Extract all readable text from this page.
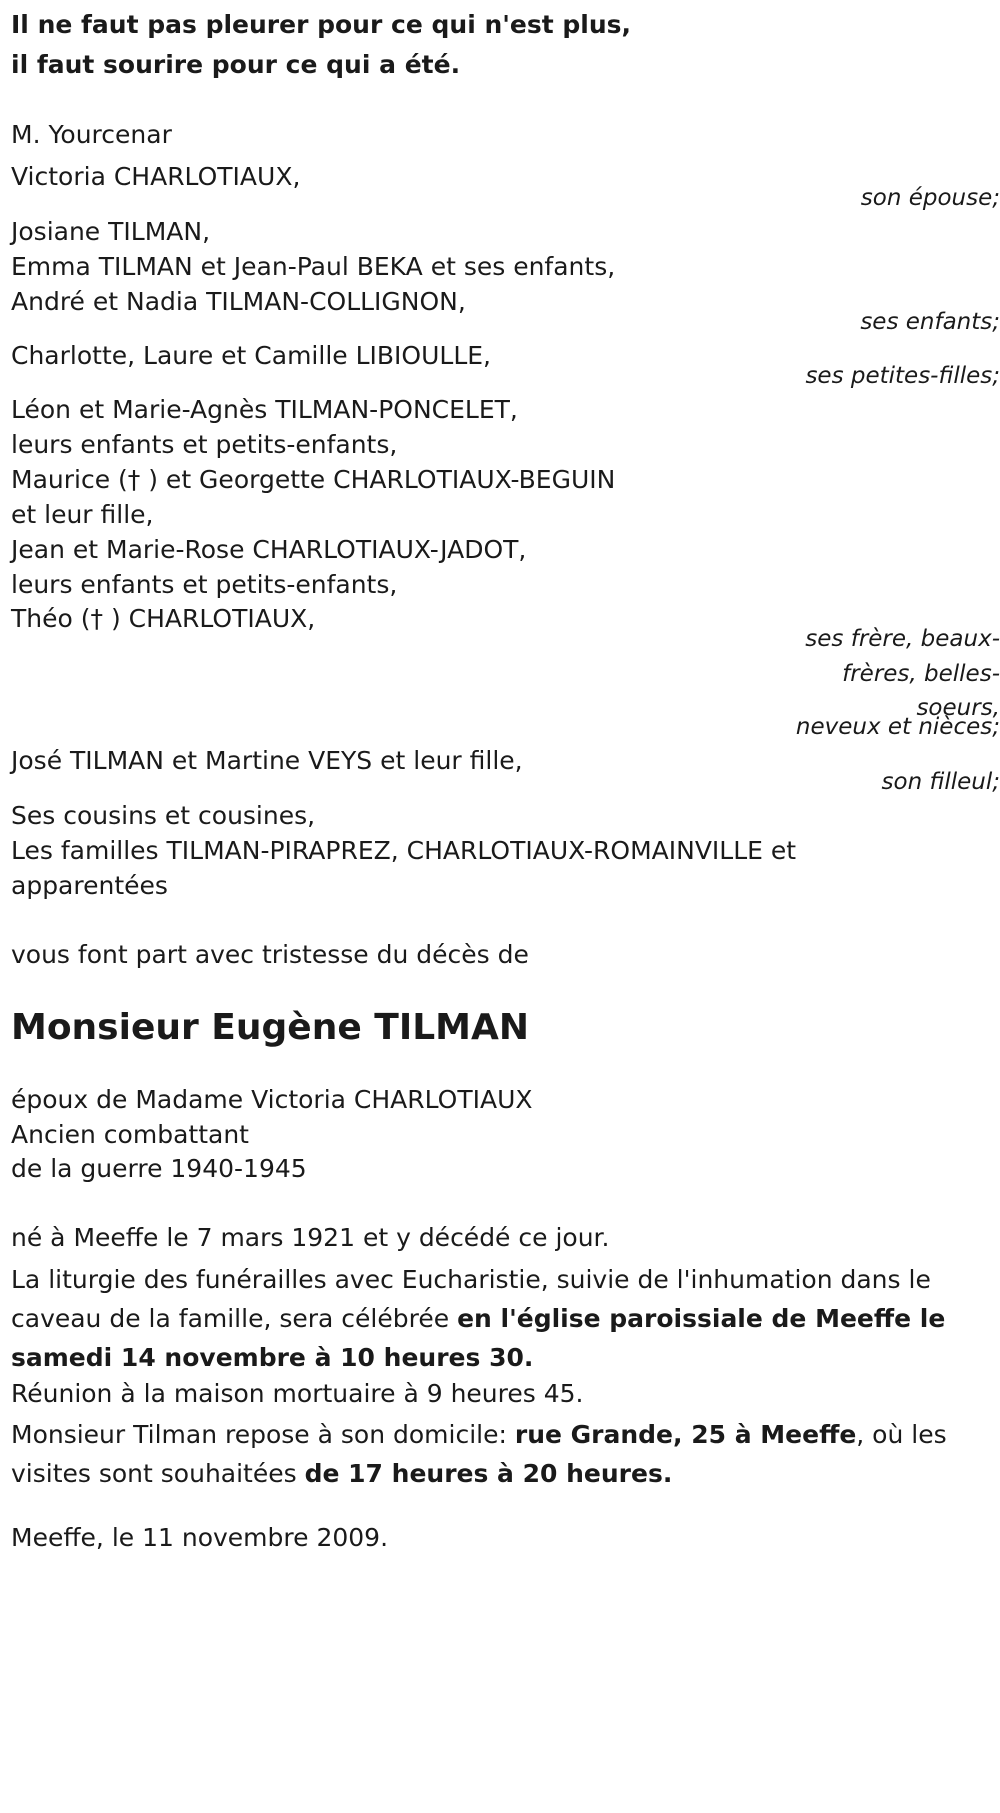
Il ne faut pas pleurer pour ce qui n'est plus,
il faut sourire pour ce qui a été.
M. Yourcenar
Victoria CHARLOTIAUX,
son épouse;
Josiane TILMAN,
Emma TILMAN et Jean-Paul BEKA et ses enfants,
André et Nadia TILMAN-COLLIGNON,
ses enfants;
Charlotte, Laure et Camille LIBIOULLE,
ses petites-filles;
Léon et Marie-Agnès TILMAN-PONCELET,
leurs enfants et petits-enfants,
Maurice († ) et Georgette CHARLOTIAUX-BEGUIN
et leur fille,
Jean et Marie-Rose CHARLOTIAUX-JADOT,
leurs enfants et petits-enfants,
Théo († ) CHARLOTIAUX,
ses frère, beaux-
frères, belles-
soeurs,
neveux et nièces;
José TILMAN et Martine VEYS et leur fille,
son filleul;
Ses cousins et cousines,
Les familles TILMAN-PIRAPREZ, CHARLOTIAUX-ROMAINVILLE et
apparentées
vous font part avec tristesse du décès de
Monsieur Eugène TILMAN
époux de Madame Victoria CHARLOTIAUX
Ancien combattant
de la guerre 1940-1945
né à Meeffe le 7 mars 1921 et y décédé ce jour.
La liturgie des funérailles avec Eucharistie, suivie de l'inhumation dans le caveau de la famille, sera célébrée en l'église paroissiale de Meeffe le samedi 14 novembre à 10 heures 30.
Réunion à la maison mortuaire à 9 heures 45.
Monsieur Tilman repose à son domicile: rue Grande, 25 à Meeffe, où les visites sont souhaitées de 17 heures à 20 heures.
Meeffe, le 11 novembre 2009.
